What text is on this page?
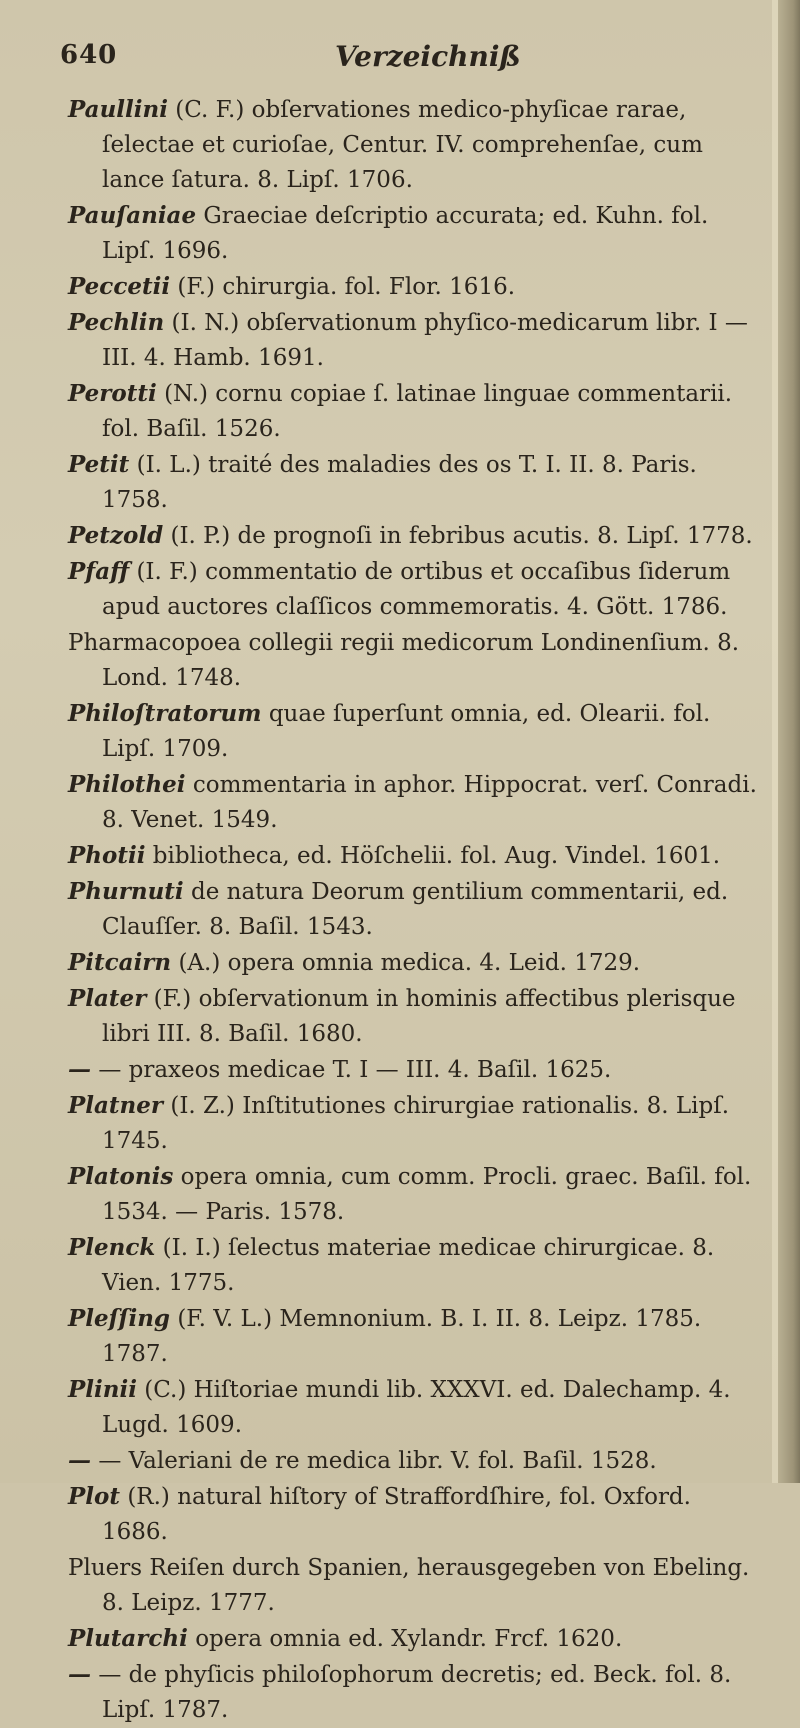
640	Verzeichniß

Paullini (C. F.) obſervationes medico-phyſicae rarae, ſelectae et curioſae, Centur. IV. comprehenſae, cum lance ſatura. 8. Lipſ. 1706.

Pauſaniae Graeciae deſcriptio accurata; ed. Kuhn. fol. Lipſ. 1696.

Peccetii (F.) chirurgia. fol. Flor. 1616.

Pechlin (I. N.) obſervationum phyſico-medicarum libr. I — III. 4. Hamb. 1691.

Perotti (N.) cornu copiae ſ. latinae linguae commentarii. fol. Baſil. 1526.

Petit (I. L.) traité des maladies des os T. I. II. 8. Paris. 1758.

Petzold (I. P.) de prognoſi in febribus acutis. 8. Lipſ. 1778.

Pfaff (I. F.) commentatio de ortibus et occaſibus ſiderum apud auctores claſſicos commemoratis. 4. Gött. 1786.

Pharmacopoea collegii regii medicorum Londinenſium. 8. Lond. 1748.

Philoſtratorum quae ſuperſunt omnia, ed. Olearii. fol. Lipſ. 1709.

Philothei commentaria in aphor. Hippocrat. verſ. Conradi. 8. Venet. 1549.

Photii bibliotheca, ed. Höſchelii. fol. Aug. Vindel. 1601.

Phurnuti de natura Deorum gentilium commentarii, ed. Clauſſer. 8. Baſil. 1543.

Pitcairn (A.) opera omnia medica. 4. Leid. 1729.

Plater (F.) obſervationum in hominis affectibus plerisque libri III. 8. Baſil. 1680.

— — praxeos medicae T. I — III. 4. Baſil. 1625.

Platner (I. Z.) Inſtitutiones chirurgiae rationalis. 8. Lipſ. 1745.

Platonis opera omnia, cum comm. Procli. graec. Baſil. fol. 1534. — Paris. 1578.

Plenck (I. I.) ſelectus materiae medicae chirurgicae. 8. Vien. 1775.

Pleſſing (F. V. L.) Memnonium. B. I. II. 8. Leipz. 1785. 1787.

Plinii (C.) Hiſtoriae mundi lib. XXXVI. ed. Dalechamp. 4. Lugd. 1609.

— — Valeriani de re medica libr. V. fol. Baſil. 1528.

Plot (R.) natural hiſtory of Straffordſhire, fol. Oxford. 1686.

Pluers Reiſen durch Spanien, herausgegeben von Ebeling. 8. Leipz. 1777.

Plutarchi opera omnia ed. Xylandr. Frcf. 1620.

— — de phyſicis philoſophorum decretis; ed. Beck. fol. 8. Lipſ. 1787.
